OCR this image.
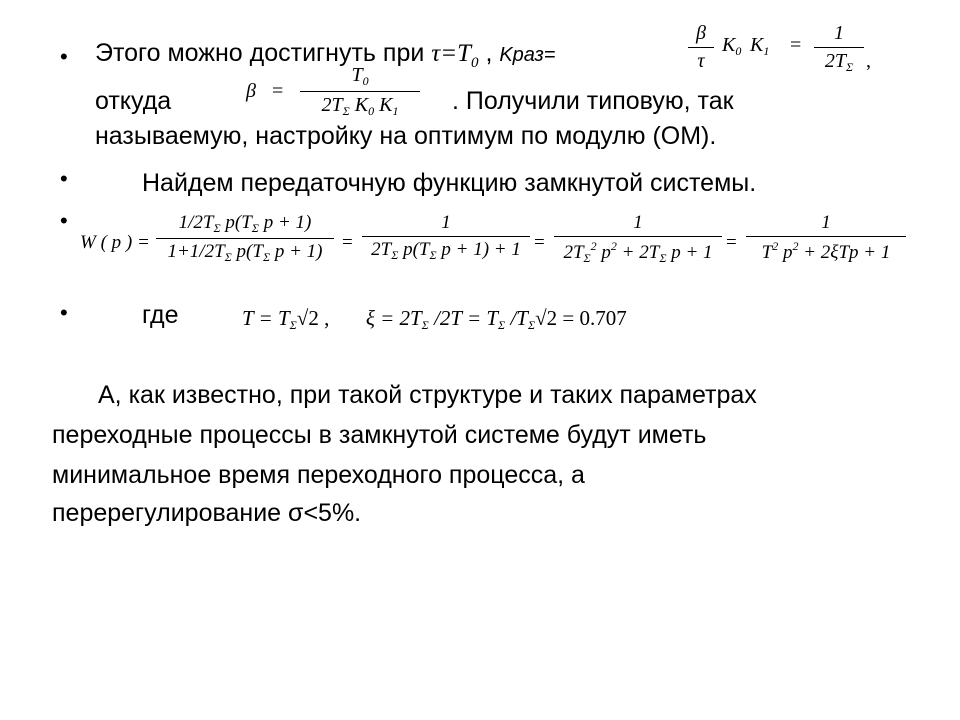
•
•
•
•
Этого можно достигнуть при $\tau=T_0$ , Kраз=
β
τ
$K_0$ $K_1$ =
1
$2T_\Sigma$ ,
откуда	. Получили типовую, так
β =
$T_0$
$2T_\Sigma$ $K_0$ $K_1$
называемую, настройку на оптимум по модулю (ОМ).
Найдем передаточную функцию замкнутой системы.
W ( p ) =
$1/2T_\Sigma$ $p(T_\Sigma$ p + 1)
$1+1/2T_\Sigma$ $p(T_\Sigma$ p + 1)	=
1
$2T_\Sigma$ $p(T_\Sigma$ p + 1) + 1 =
1
$2T_\Sigma^2$ $p^2 + 2T_\Sigma$ p + 1 =
1
$T^2$ $p^2 + 2\xi Tp + 1$
где	$T = T_\Sigma√2$ , $\xi = 2T_\Sigma$ $/2T = T_\Sigma$ $/T_\Sigma√2 = 0.707$
А, как известно, при такой структуре и таких параметрах
переходные процессы в замкнутой системе будут иметь
минимальное время переходного процесса, а
перерегулирование σ<5%.
